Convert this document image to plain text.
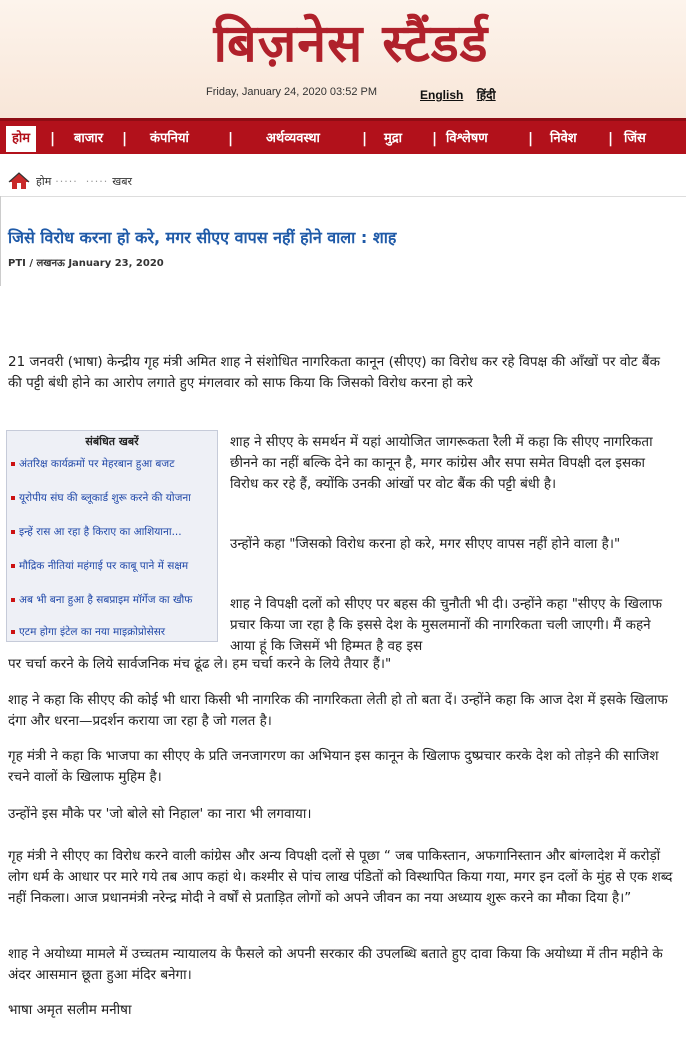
बिज़नेस स्टैंडर्ड
Friday, January 24, 2020 03:52 PM	English हिंदी
होम	| बाजार | कंपनियां	|	अर्थव्यवस्था	| मुद्रा | विश्लेषण	| निवेश | जिंस
होम ····· ····· खबर
जिसे विरोध करना हो करे, मगर सीएए वापस नहीं होने वाला : शाह
PTI / लखनऊ January 23, 2020

21 जनवरी (भाषा) केन्द्रीय गृह मंत्री अमित शाह ने संशोधित नागरिकता कानून (सीएए) का विरोध कर रहे विपक्ष की आँखों पर वोट बैंक की पट्टी बंधी होने का आरोप लगाते हुए मंगलवार को साफ किया कि जिसको विरोध करना हो करे

संबंधित खबरें
अंतरिक्ष कार्यक्रमों पर मेहरबान हुआ बजट
यूरोपीय संघ की ब्लूकार्ड शुरू करने की योजना
इन्हें रास आ रहा है किराए का आशियाना...
मौद्रिक नीतियां महंगाई पर काबू पाने में सक्षम
अब भी बना हुआ है सबप्राइम मॉर्गेज का खौफ
एटम होगा इंटेल का नया माइक्रोप्रोसेसर

शाह ने सीएए के समर्थन में यहां आयोजित जागरूकता रैली में कहा कि सीएए नागरिकता छीनने का नहीं बल्कि देने का कानून है, मगर कांग्रेस और सपा समेत विपक्षी दल इसका विरोध कर रहे हैं, क्योंकि उनकी आंखों पर वोट बैंक की पट्टी बंधी है।

उन्होंने कहा "जिसको विरोध करना हो करे, मगर सीएए वापस नहीं होने वाला है।"

शाह ने विपक्षी दलों को सीएए पर बहस की चुनौती भी दी। उन्होंने कहा "सीएए के खिलाफ प्रचार किया जा रहा है कि इससे देश के मुसलमानों की नागरिकता चली जाएगी। मैं कहने आया हूं कि जिसमें भी हिम्मत है वह इस

पर चर्चा करने के लिये सार्वजनिक मंच ढूंढ ले। हम चर्चा करने के लिये तैयार हैं।"

शाह ने कहा कि सीएए की कोई भी धारा किसी भी नागरिक की नागरिकता लेती हो तो बता दें। उन्होंने कहा कि आज देश में इसके खिलाफ दंगा और धरना—प्रदर्शन कराया जा रहा है जो गलत है।

गृह मंत्री ने कहा कि भाजपा का सीएए के प्रति जनजागरण का अभियान इस कानून के खिलाफ दुष्प्रचार करके देश को तोड़ने की साजिश रचने वालों के खिलाफ मुहिम है।

उन्होंने इस मौके पर 'जो बोले सो निहाल' का नारा भी लगवाया।

गृह मंत्री ने सीएए का विरोध करने वाली कांग्रेस और अन्य विपक्षी दलों से पूछा “ जब पाकिस्तान, अफगानिस्तान और बांग्लादेश में करोड़ों लोग धर्म के आधार पर मारे गये तब आप कहां थे। कश्मीर से पांच लाख पंडितों को विस्थापित किया गया, मगर इन दलों के मुंह से एक शब्द नहीं निकला। आज प्रधानमंत्री नरेन्द्र मोदी ने वर्षों से प्रताड़ित लोगों को अपने जीवन का नया अध्याय शुरू करने का मौका दिया है।”

शाह ने अयोध्या मामले में उच्चतम न्यायालय के फैसले को अपनी सरकार की उपलब्धि बताते हुए दावा किया कि अयोध्या में तीन महीने के अंदर आसमान छूता हुआ मंदिर बनेगा।

भाषा अमृत सलीम मनीषा
